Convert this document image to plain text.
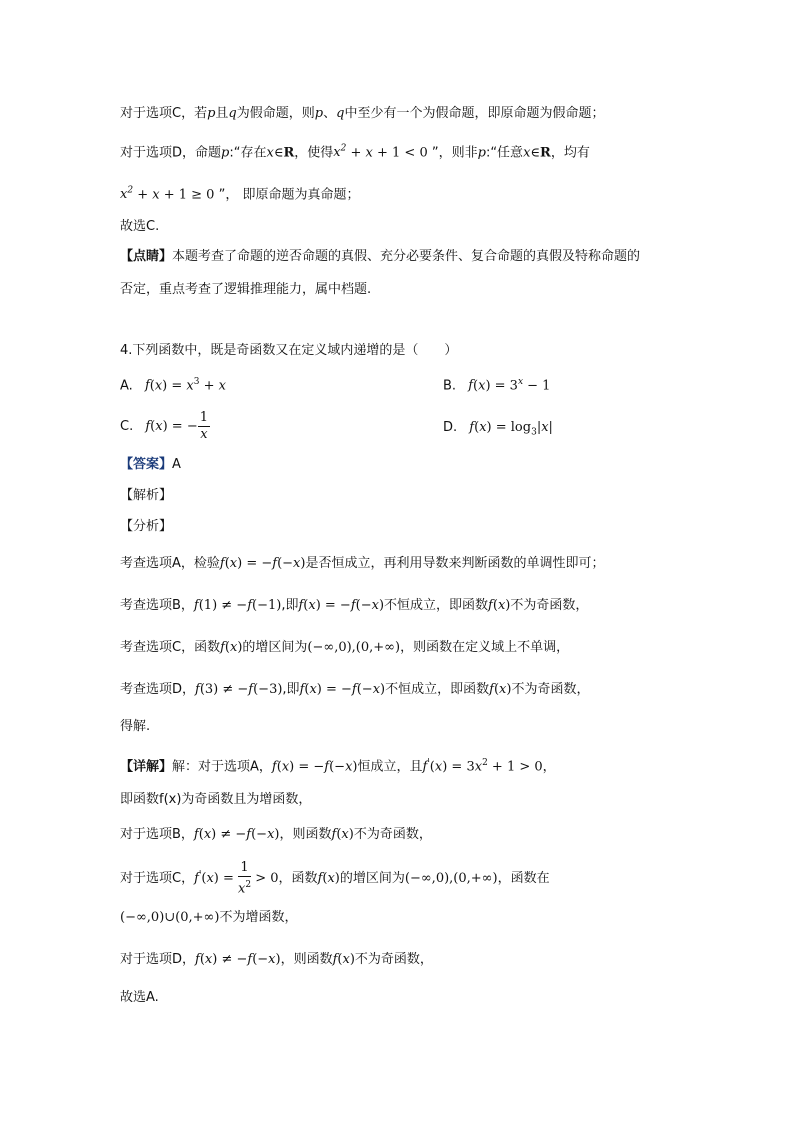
对于选项C，若p且q为假命题，则p、q中至少有一个为假命题，即原命题为假命题；
对于选项D，命题p:“存在x∈R，使得$x^2 + x + 1 < 0$ ”，则非p:“任意x∈R，均有
$x^2 + x + 1 \ge 0$ ”， 即原命题为真命题；
故选C.
【点睛】本题考查了命题的逆否命题的真假、充分必要条件、复合命题的真假及特称命题的
否定，重点考查了逻辑推理能力，属中档题.
4.下列函数中，既是奇函数又在定义域内递增的是（　　）
A. $f(x) = x^3 + x$	B. $f(x) = 3^x - 1$
C. f(x) = − $\frac{1}{x}$	D. $f(x) = \log_3|x|$
【答案】A
【解析】
【分析】
考查选项A，检验f(x) = −f(−x)是否恒成立，再利用导数来判断函数的单调性即可；
考查选项B，f(1) ≠ −f(−1),即f(x) = −f(−x)不恒成立，即函数f(x)不为奇函数，
考查选项C，函数f(x)的增区间为(−∞,0),(0,+∞)，则函数在定义域上不单调，
考查选项D，f(3) ≠ −f(−3),即f(x) = −f(−x)不恒成立，即函数f(x)不为奇函数，
得解.
【详解】解：对于选项A，f(x) = −f(−x)恒成立，且$f'(x) = 3x^2 + 1 > 0$，
即函数f(x)为奇函数且为增函数，
对于选项B，f(x) ≠ −f(−x)，则函数f(x)不为奇函数，
对于选项C，$f'(x) = \frac{1}{x^2} > 0$，函数f(x)的增区间为(−∞,0),(0,+∞)，函数在
(−∞,0)∪(0,+∞)不为增函数，
对于选项D，f(x) ≠ −f(−x)，则函数f(x)不为奇函数，
故选A.
